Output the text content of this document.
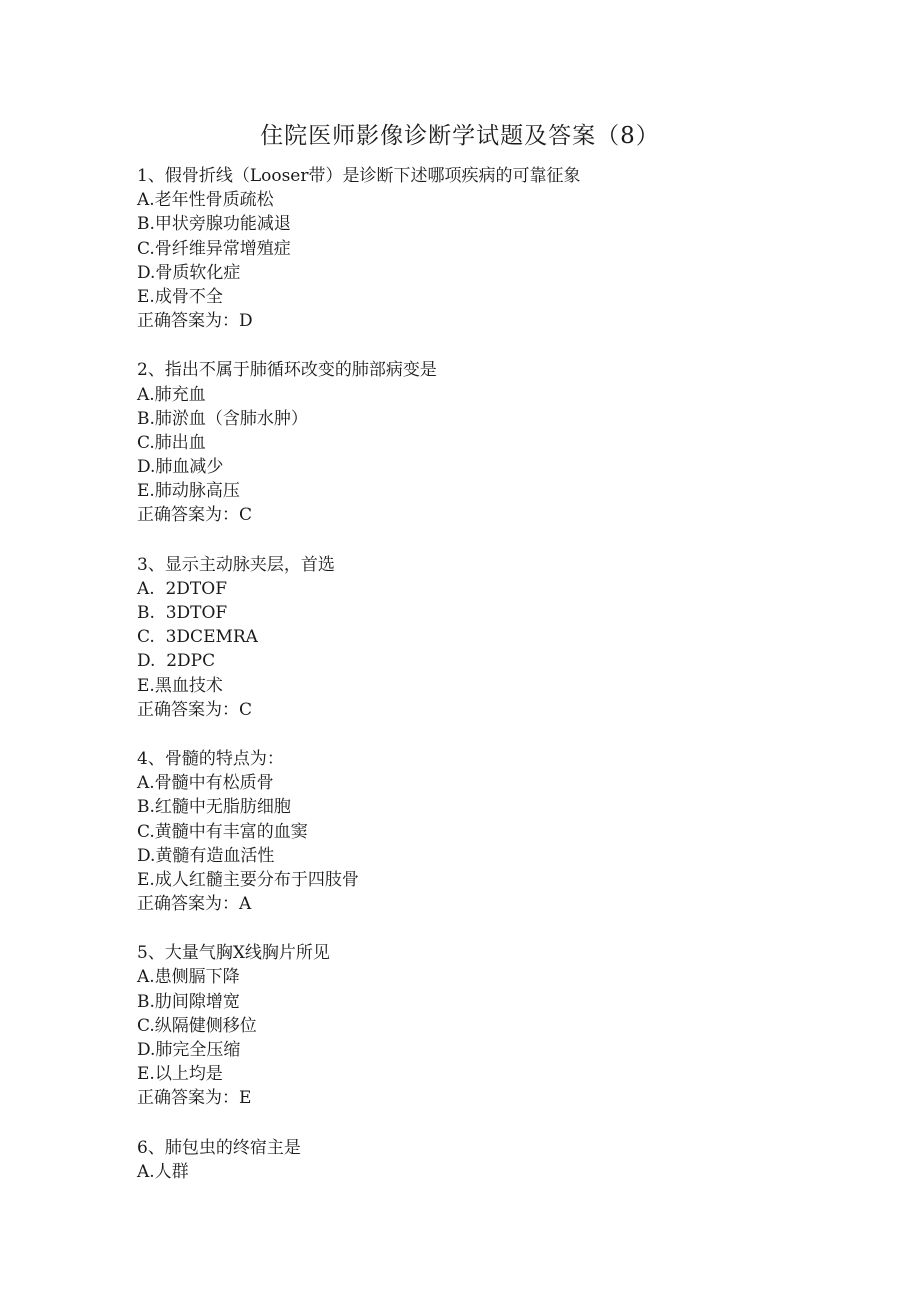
住院医师影像诊断学试题及答案（8）
1、假骨折线（Looser带）是诊断下述哪项疾病的可靠征象
A.老年性骨质疏松
B.甲状旁腺功能减退
C.骨纤维异常增殖症
D.骨质软化症
E.成骨不全
正确答案为：D
2、指出不属于肺循环改变的肺部病变是
A.肺充血
B.肺淤血（含肺水肿）
C.肺出血
D.肺血减少
E.肺动脉高压
正确答案为：C
3、显示主动脉夹层，首选
A.  2DTOF
B.  3DTOF
C.  3DCEMRA
D.  2DPC
E.黑血技术
正确答案为：C
4、骨髓的特点为：
A.骨髓中有松质骨
B.红髓中无脂肪细胞
C.黄髓中有丰富的血窦
D.黄髓有造血活性
E.成人红髓主要分布于四肢骨
正确答案为：A
5、大量气胸X线胸片所见
A.患侧膈下降
B.肋间隙增宽
C.纵隔健侧移位
D.肺完全压缩
E.以上均是
正确答案为：E
6、肺包虫的终宿主是
A.人群
